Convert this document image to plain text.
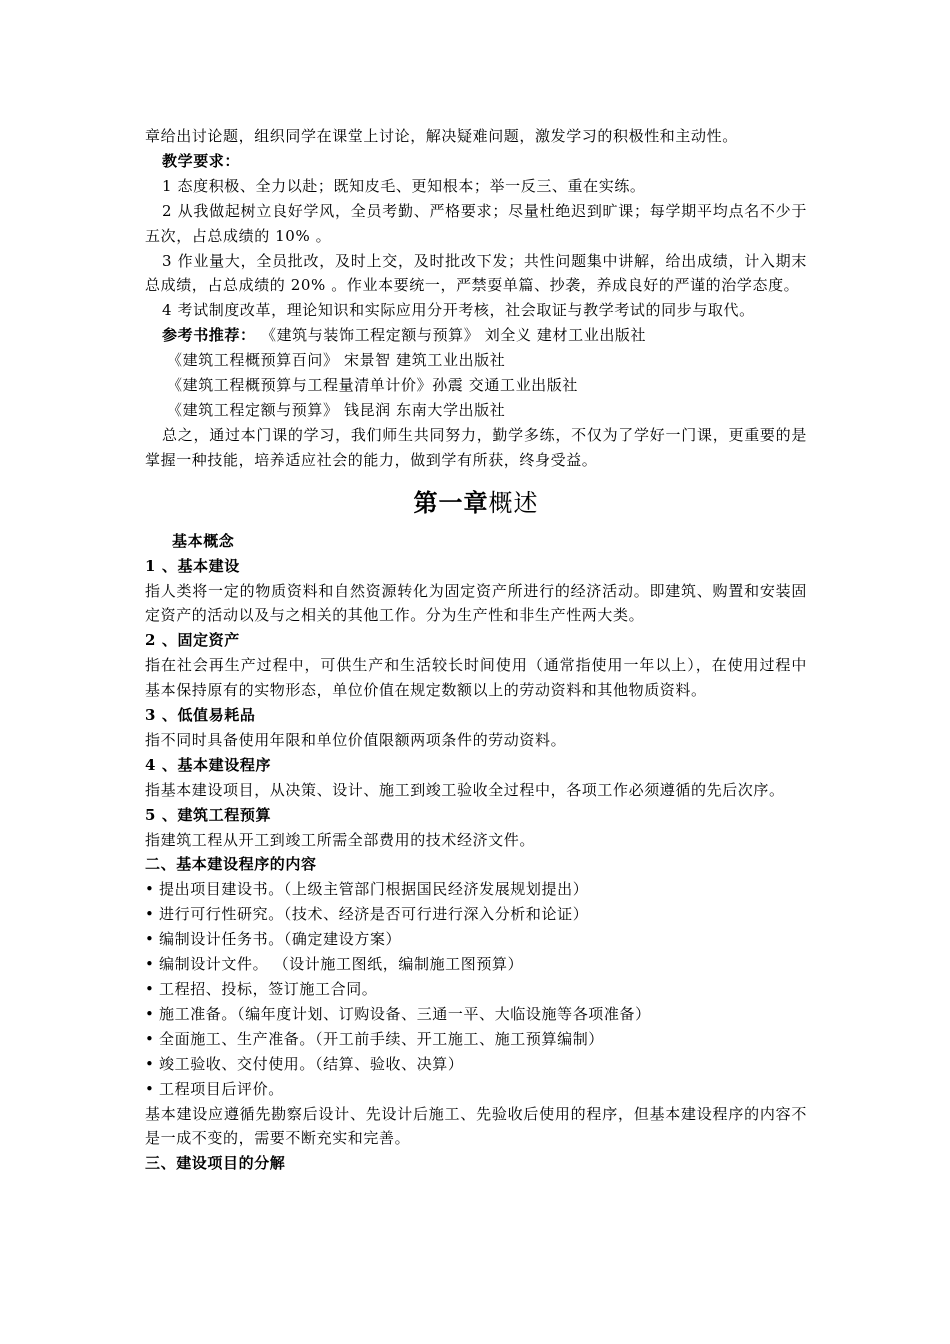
章给出讨论题，组织同学在课堂上讨论，解决疑难问题，激发学习的积极性和主动性。

教学要求：

1 态度积极、全力以赴；既知皮毛、更知根本；举一反三、重在实练。

2 从我做起树立良好学风，全员考勤、严格要求；尽量杜绝迟到旷课；每学期平均点名不少于五次，占总成绩的 10% 。

3 作业量大，全员批改，及时上交，及时批改下发；共性问题集中讲解，给出成绩，计入期末总成绩，占总成绩的 20% 。作业本要统一，严禁耍单篇、抄袭，养成良好的严谨的治学态度。

4 考试制度改革，理论知识和实际应用分开考核，社会取证与教学考试的同步与取代。

参考书推荐： 《建筑与装饰工程定额与预算》 刘全义 建材工业出版社

《建筑工程概预算百问》 宋景智 建筑工业出版社

《建筑工程概预算与工程量清单计价》孙震 交通工业出版社

《建筑工程定额与预算》 钱昆润 东南大学出版社

总之，通过本门课的学习，我们师生共同努力，勤学多练，不仅为了学好一门课，更重要的是掌握一种技能，培养适应社会的能力，做到学有所获，终身受益。

第一章概述

基本概念

1 、基本建设

指人类将一定的物质资料和自然资源转化为固定资产所进行的经济活动。即建筑、购置和安装固定资产的活动以及与之相关的其他工作。分为生产性和非生产性两大类。

2 、固定资产

指在社会再生产过程中，可供生产和生活较长时间使用（通常指使用一年以上），在使用过程中基本保持原有的实物形态，单位价值在规定数额以上的劳动资料和其他物质资料。

3 、低值易耗品

指不同时具备使用年限和单位价值限额两项条件的劳动资料。

4 、基本建设程序

指基本建设项目，从决策、设计、施工到竣工验收全过程中，各项工作必须遵循的先后次序。

5 、建筑工程预算

指建筑工程从开工到竣工所需全部费用的技术经济文件。

二、基本建设程序的内容

• 提出项目建设书。（上级主管部门根据国民经济发展规划提出）

• 进行可行性研究。（技术、经济是否可行进行深入分析和论证）

• 编制设计任务书。（确定建设方案）

• 编制设计文件。 （设计施工图纸，编制施工图预算）

• 工程招、投标，签订施工合同。

• 施工准备。（编年度计划、订购设备、三通一平、大临设施等各项准备）

• 全面施工、生产准备。（开工前手续、开工施工、施工预算编制）

• 竣工验收、交付使用。（结算、验收、决算）

• 工程项目后评价。

基本建设应遵循先勘察后设计、先设计后施工、先验收后使用的程序，但基本建设程序的内容不是一成不变的，需要不断充实和完善。

三、建设项目的分解
